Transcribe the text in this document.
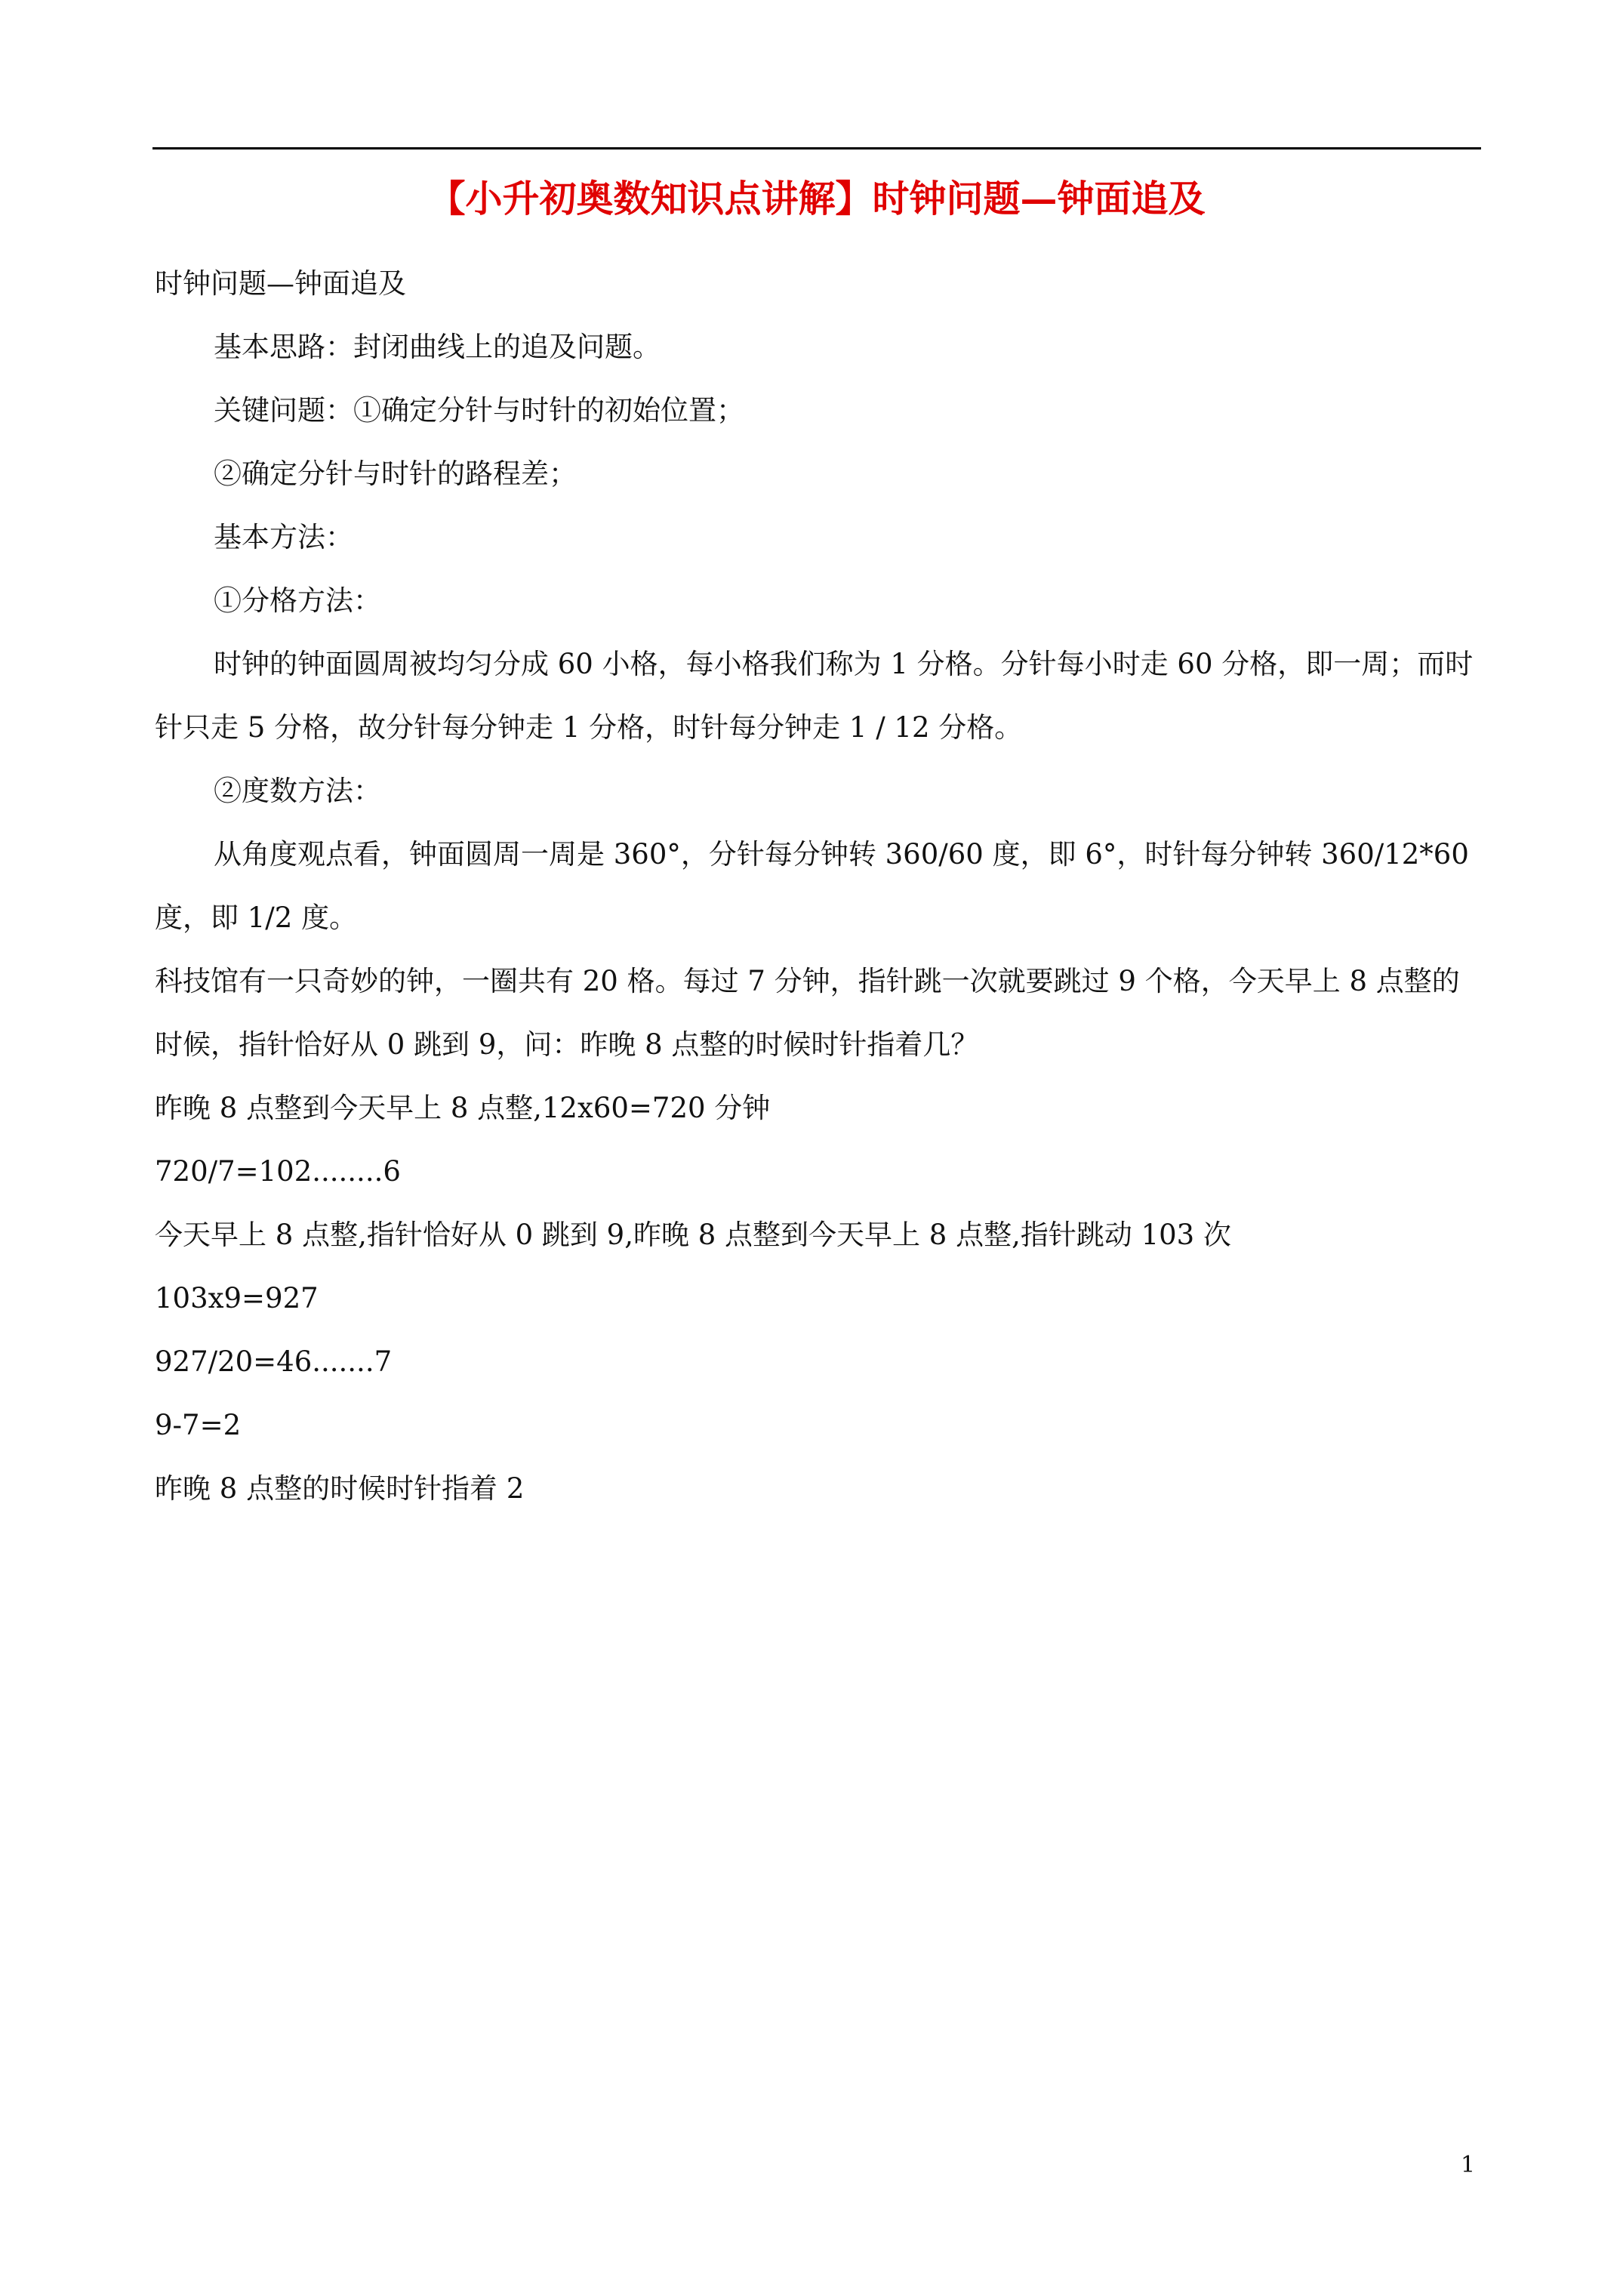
【小升初奥数知识点讲解】时钟问题—钟面追及
时钟问题—钟面追及
基本思路：封闭曲线上的追及问题。
关键问题：①确定分针与时针的初始位置；
②确定分针与时针的路程差；
基本方法：
①分格方法：
时钟的钟面圆周被均匀分成 60 小格，每小格我们称为 1 分格。分针每小时走 60 分格，即一周；而时
针只走 5 分格，故分针每分钟走 1 分格，时针每分钟走 1 / 12 分格。
②度数方法：
从角度观点看，钟面圆周一周是 360°，分针每分钟转 360/60 度，即 6°，时针每分钟转 360/12*60
度，即 1/2 度。
科技馆有一只奇妙的钟，一圈共有 20 格。每过 7 分钟，指针跳一次就要跳过 9 个格，今天早上 8 点整的
时候，指针恰好从 0 跳到 9，问：昨晚 8 点整的时候时针指着几？
昨晚 8 点整到今天早上 8 点整,12x60=720 分钟
720/7=102........6
今天早上 8 点整,指针恰好从 0 跳到 9,昨晚 8 点整到今天早上 8 点整,指针跳动 103 次
103x9=927
927/20=46.......7
9-7=2
昨晚 8 点整的时候时针指着 2
1
